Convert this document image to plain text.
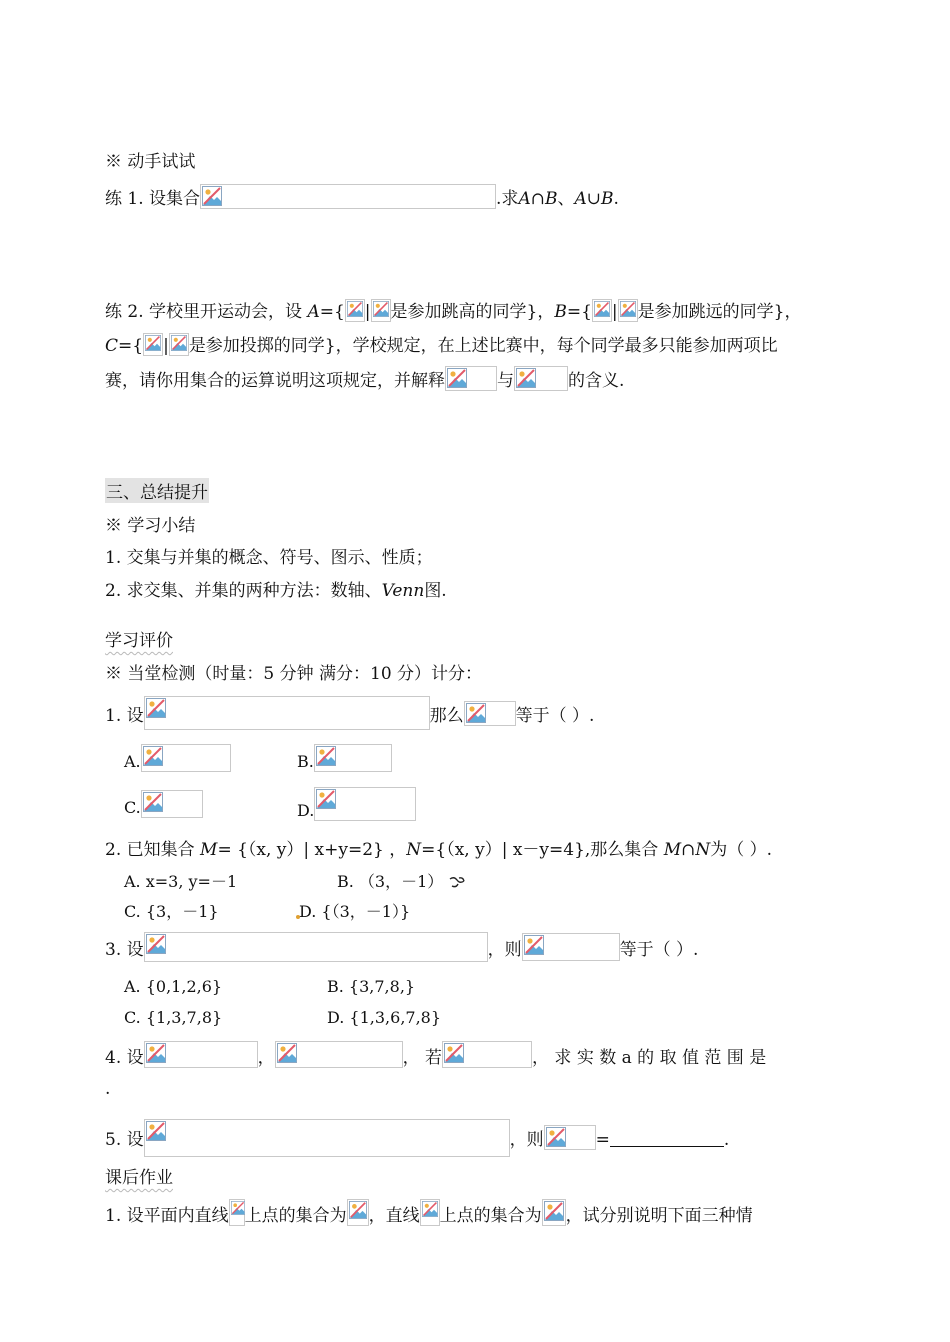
※ 动手试试
练 1. 设集合	.求A∩B、A∪B.
练 2. 学校里开运动会，设 A={ | 是参加跳高的同学}，B={ | 是参加跳远的同学}，
C={ | 是参加投掷的同学}，学校规定，在上述比赛中，每个同学最多只能参加两项比
赛，请你用集合的运算说明这项规定，并解释	与	的含义.
三、总结提升
※ 学习小结
1. 交集与并集的概念、符号、图示、性质；
2. 求交集、并集的两种方法：数轴、Venn图.
学习评价
※ 当堂检测（时量：5 分钟 满分：10 分）计分：
1. 设	那么	等于（ ）.
A.	B.
C.	D.
2. 已知集合 M= {（x, y）| x+y=2} ，N={（x, y）| x－y=4},那么集合 M∩N为（ ）.
A. x=3, y=－1	B. （3，－1）
C. {3，－1}	D. {（3，－1）}
3. 设	，则	等于（ ）.
A. {0,1,2,6}	B. {3,7,8,}
C. {1,3,7,8}	D. {1,3,6,7,8}
4. 设	，	， 若	， 求 实 数 a 的 取 值 范 围 是
.
5. 设	，则	=	.
课后作业
1. 设平面内直线 上点的集合为 ，直线 上点的集合为 ，试分别说明下面三种情
